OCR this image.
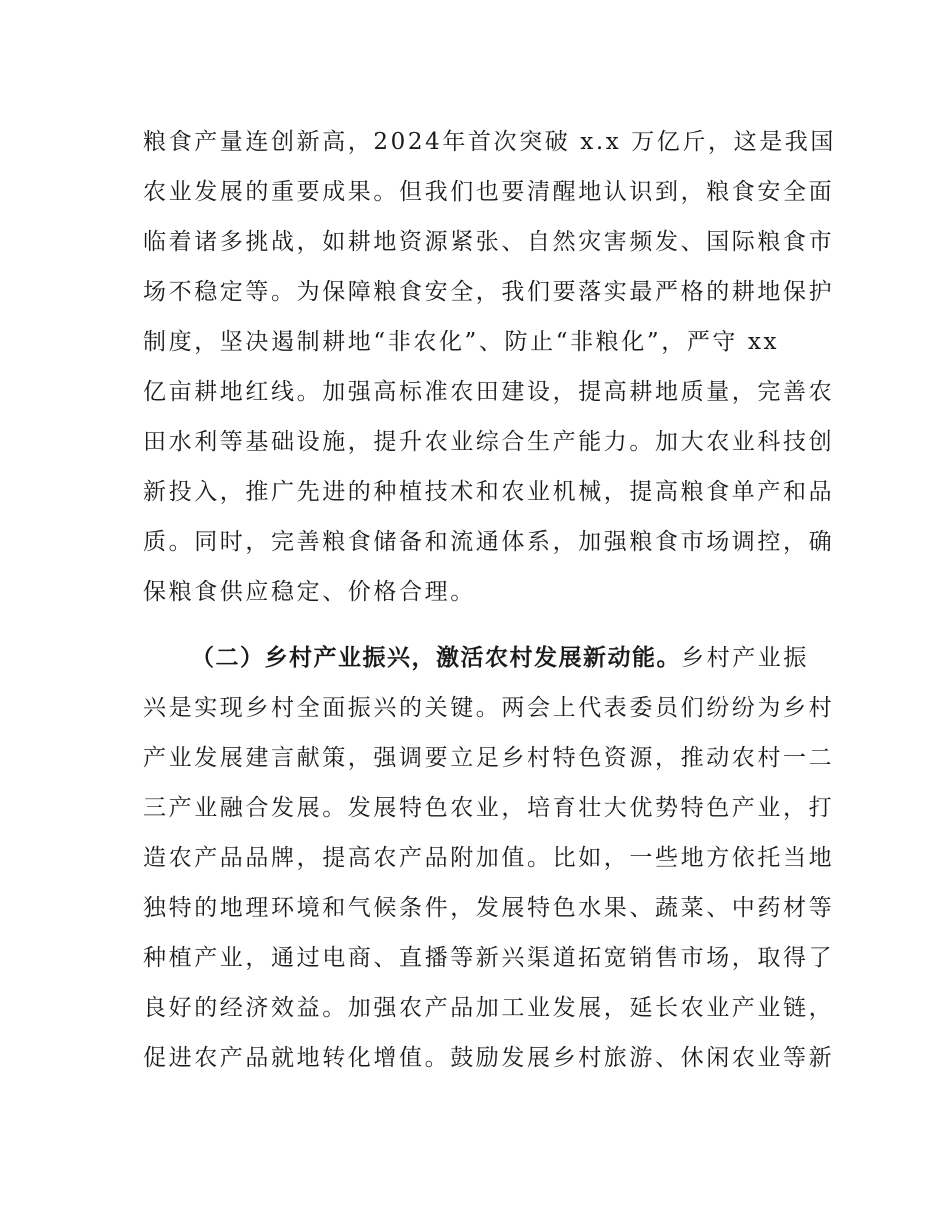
粮食产量连创新高，2024年首次突破 x.x 万亿斤，这是我国
农业发展的重要成果。但我们也要清醒地认识到，粮食安全面
临着诸多挑战，如耕地资源紧张、自然灾害频发、国际粮食市
场不稳定等。为保障粮食安全，我们要落实最严格的耕地保护
制度，坚决遏制耕地“非农化”、防止“非粮化”，严守 xx
亿亩耕地红线。加强高标准农田建设，提高耕地质量，完善农
田水利等基础设施，提升农业综合生产能力。加大农业科技创
新投入，推广先进的种植技术和农业机械，提高粮食单产和品
质。同时，完善粮食储备和流通体系，加强粮食市场调控，确
保粮食供应稳定、价格合理。
（二）乡村产业振兴，激活农村发展新动能。乡村产业振
兴是实现乡村全面振兴的关键。两会上代表委员们纷纷为乡村
产业发展建言献策，强调要立足乡村特色资源，推动农村一二
三产业融合发展。发展特色农业，培育壮大优势特色产业，打
造农产品品牌，提高农产品附加值。比如，一些地方依托当地
独特的地理环境和气候条件，发展特色水果、蔬菜、中药材等
种植产业，通过电商、直播等新兴渠道拓宽销售市场，取得了
良好的经济效益。加强农产品加工业发展，延长农业产业链，
促进农产品就地转化增值。鼓励发展乡村旅游、休闲农业等新
